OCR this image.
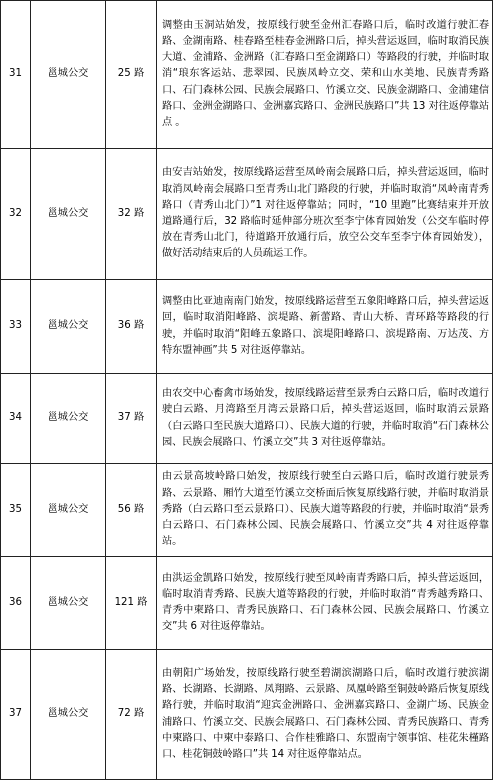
31	邕城公交	25 路	调整由玉洞站始发，按原线行驶至金州汇春路口后，临时改道行驶汇春路、金湖南路、桂春路至桂春金洲路口后，掉头营运返回，临时取消民族大道、金浦路、金洲路（汇春路口至金湖路口）等路段的行驶，并临时取消“琅东客运站、悲翠园、民族凤岭立交、荣和山水美地、民族青秀路口、石门森林公园、民族会展路口、竹溪立交、民族金湖路口、金浦建信路口、金洲金湖路口、金洲嘉宾路口、金洲民族路口”共 13 对往返停靠站点 。
32	邕城公交	32 路	由安吉站始发，按原线路运营至凤岭南会展路口后，掉头营运返回，临时取消凤岭南会展路口至青秀山北门路段的行驶，并临时取消“凤岭南青秀路口（青秀山北门）”1 对往返停靠站；同时，“10 里跑”比赛结束并开放道路通行后，32 路临时延伸部分班次至李宁体育园始发（公交车临时停放在青秀山北门，待道路开放通行后，放空公交车至李宁体育园始发），做好活动结束后的人员疏运工作。
33	邕城公交	36 路	调整由比亚迪南南门始发，按原线路运营至五象阳峰路口后，掉头营运返回，临时取消阳峰路、滨堤路、新蕾路、青山大桥、青环路等路段的行驶，并临时取消“阳峰五象路口、滨堤阳峰路口、滨堤路南、万达茂、方特东盟神画”共 5 对往返停靠站。
34	邕城公交	37 路	由农交中心畜禽市场始发，按原线路运营至景秀白云路口后，临时改道行驶白云路、月湾路至月湾云景路口后，掉头营运返回，临时取消云景路（白云路口至民族大道路口）、民族大道的行驶，并临时取消“石门森林公园、民族会展路口、竹溪立交”共 3 对往返停靠站。
35	邕城公交	56 路	由云景高坡岭路口始发，按原线行驶至白云路口后，临时改道行驶景秀路、云景路、厢竹大道至竹溪立交桥面后恢复原线路行驶，并临时取消景秀路（白云路口至云景路口）、民族大道等路段的行驶，并临时取消“景秀白云路口、石门森林公园、民族会展路口、竹溪立交”共 4 对往返停靠站。
36	邕城公交	121 路	由洪运金凯路口始发，按原线行驶至凤岭南青秀路口后，掉头营运返回，临时取消青秀路、民族大道等路段的行驶，并临时取消“青秀越秀路口、青秀中柬路口、青秀民族路口、石门森林公园、民族会展路口、竹溪立交”共 6 对往返停靠站。
37	邕城公交	72 路	由朝阳广场始发，按原线路行驶至碧湖滨湖路口后，临时改道行驶滨湖路、长湖路、长湖路、凤翔路、云景路、凤凰岭路至铜鼓岭路后恢复原线路行驶，并临时取消“迎宾金洲路口、金洲嘉宾路口、金湖广场、民族金浦路口、竹溪立交、民族会展路口、石门森林公园、青秀民族路口、青秀中柬路口、中柬中泰路口、合作桂雅路口、东盟南宁领事馆、桂花朱槿路口、桂花铜鼓岭路口”共 14 对往返停靠站点。
